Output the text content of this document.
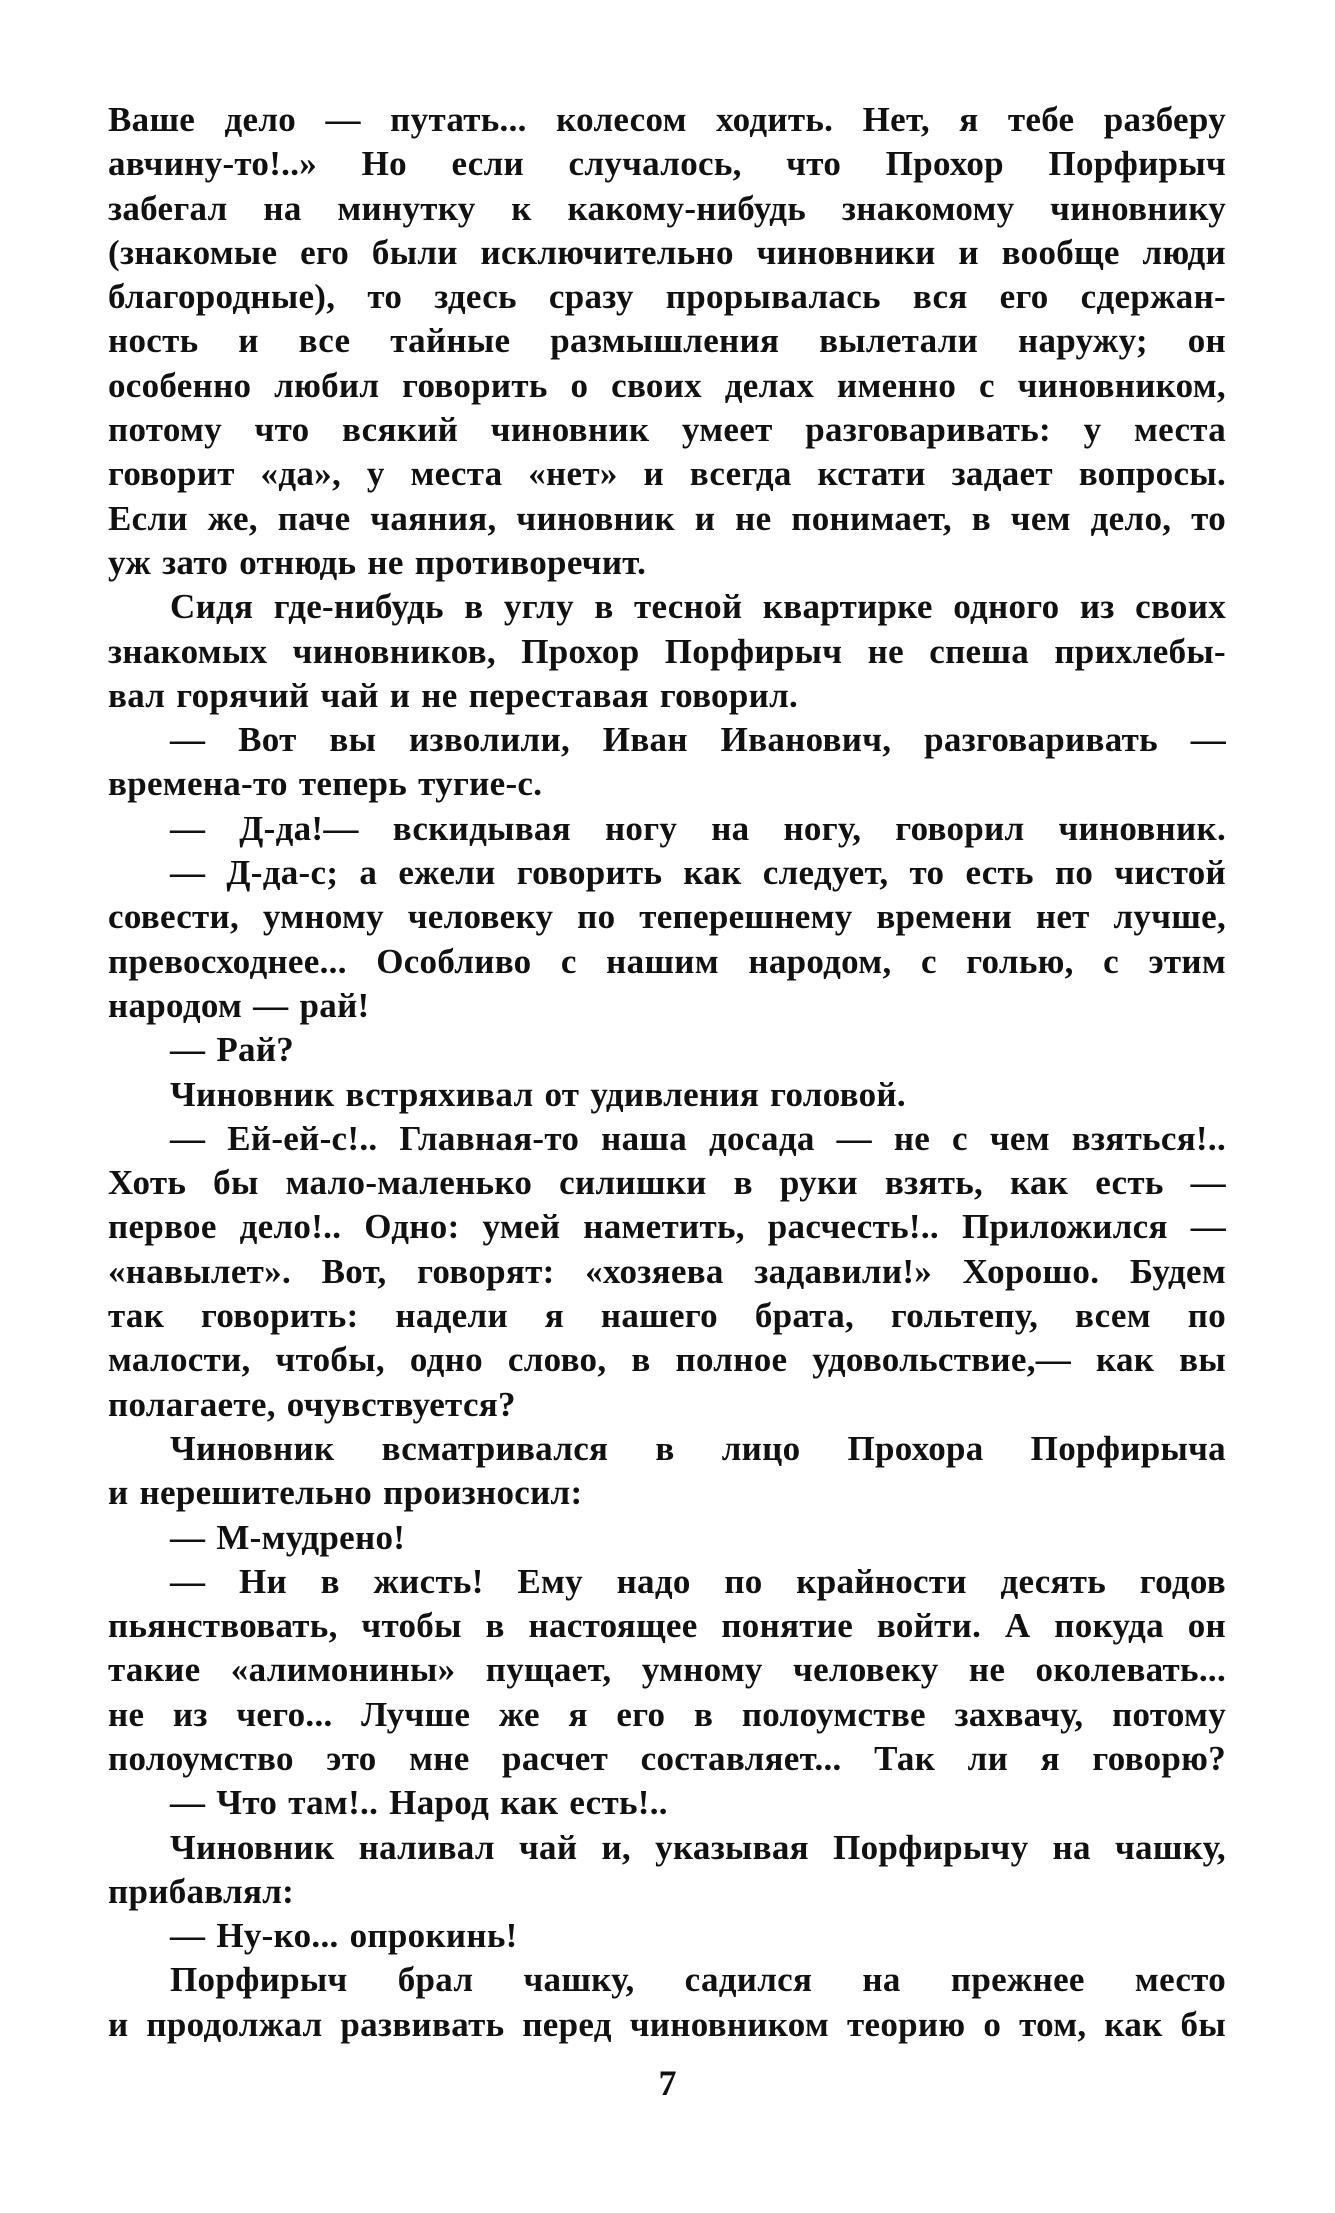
Ваше дело — путать... колесом ходить. Нет, я тебе разберу
авчину-то!..» Но если случалось, что Прохор Порфирыч
забегал на минутку к какому-нибудь знакомому чиновнику
(знакомые его были исключительно чиновники и вообще люди
благородные), то здесь сразу прорывалась вся его сдержан-
ность и все тайные размышления вылетали наружу; он
особенно любил говорить о своих делах именно с чиновником,
потому что всякий чиновник умеет разговаривать: у места
говорит «да», у места «нет» и всегда кстати задает вопросы.
Если же, паче чаяния, чиновник и не понимает, в чем дело, то
уж зато отнюдь не противоречит.
Сидя где-нибудь в углу в тесной квартирке одного из своих
знакомых чиновников, Прохор Порфирыч не спеша прихлебы-
вал горячий чай и не переставая говорил.
— Вот вы изволили, Иван Иванович, разговаривать —
времена-то теперь тугие-с.
— Д-да!— вскидывая ногу на ногу, говорил чиновник.
— Д-да-с; а ежели говорить как следует, то есть по чистой
совести, умному человеку по теперешнему времени нет лучше,
превосходнее... Особливо с нашим народом, с голью, с этим
народом — рай!
— Рай?
Чиновник встряхивал от удивления головой.
— Ей-ей-с!.. Главная-то наша досада — не с чем взяться!..
Хоть бы мало-маленько силишки в руки взять, как есть —
первое дело!.. Одно: умей наметить, расчесть!.. Приложился —
«навылет». Вот, говорят: «хозяева задавили!» Хорошо. Будем
так говорить: надели я нашего брата, гольтепу, всем по
малости, чтобы, одно слово, в полное удовольствие,— как вы
полагаете, очувствуется?
Чиновник всматривался в лицо Прохора Порфирыча
и нерешительно произносил:
— М-мудрено!
— Ни в жисть! Ему надо по крайности десять годов
пьянствовать, чтобы в настоящее понятие войти. А покуда он
такие «алимонины» пущает, умному человеку не околевать...
не из чего... Лучше же я его в полоумстве захвачу, потому
полоумство это мне расчет составляет... Так ли я говорю?
— Что там!.. Народ как есть!..
Чиновник наливал чай и, указывая Порфирычу на чашку,
прибавлял:
— Ну-ко... опрокинь!
Порфирыч брал чашку, садился на прежнее место
и продолжал развивать перед чиновником теорию о том, как бы
7
